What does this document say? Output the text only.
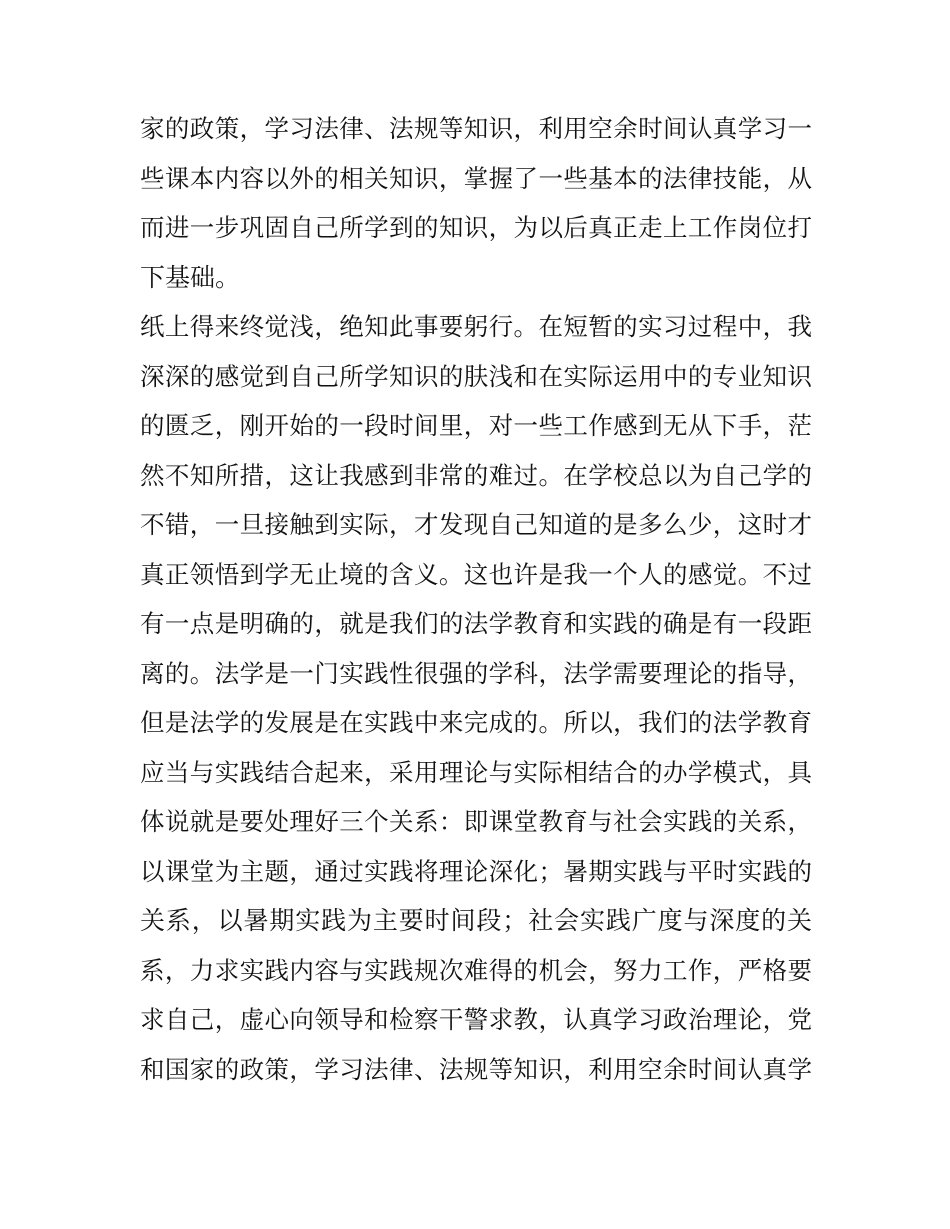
家的政策，学习法律、法规等知识，利用空余时间认真学习一
些课本内容以外的相关知识，掌握了一些基本的法律技能，从
而进一步巩固自己所学到的知识，为以后真正走上工作岗位打
下基础。
纸上得来终觉浅，绝知此事要躬行。在短暂的实习过程中，我
深深的感觉到自己所学知识的肤浅和在实际运用中的专业知识
的匮乏，刚开始的一段时间里，对一些工作感到无从下手，茫
然不知所措，这让我感到非常的难过。在学校总以为自己学的
不错，一旦接触到实际，才发现自己知道的是多么少，这时才
真正领悟到学无止境的含义。这也许是我一个人的感觉。不过
有一点是明确的，就是我们的法学教育和实践的确是有一段距
离的。法学是一门实践性很强的学科，法学需要理论的指导，
但是法学的发展是在实践中来完成的。所以，我们的法学教育
应当与实践结合起来，采用理论与实际相结合的办学模式，具
体说就是要处理好三个关系：即课堂教育与社会实践的关系，
以课堂为主题，通过实践将理论深化；暑期实践与平时实践的
关系，以暑期实践为主要时间段；社会实践广度与深度的关
系，力求实践内容与实践规次难得的机会，努力工作，严格要
求自己，虚心向领导和检察干警求教，认真学习政治理论，党
和国家的政策，学习法律、法规等知识，利用空余时间认真学
